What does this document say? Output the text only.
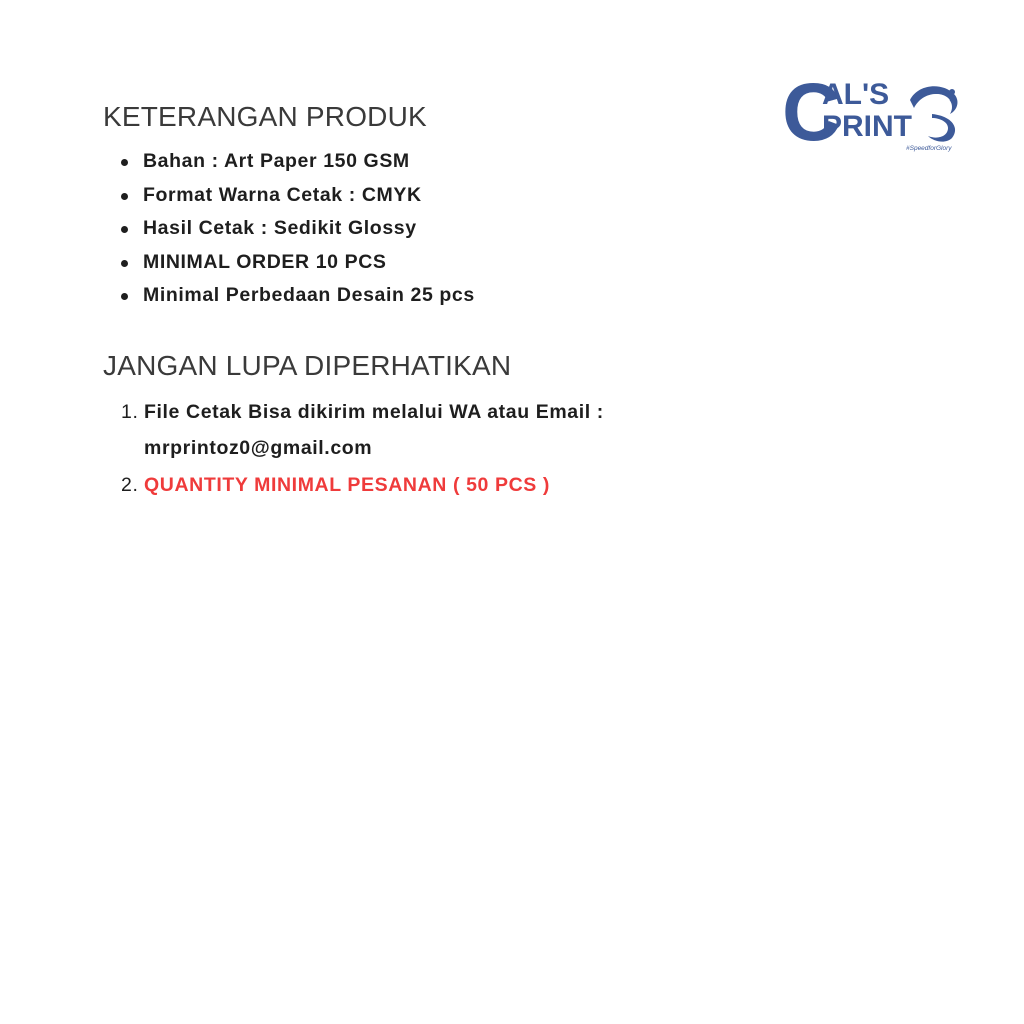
C
AL'S
PRINT
#SpeedforGlory
KETERANGAN PRODUK
Bahan : Art Paper 150 GSM
Format Warna Cetak : CMYK
Hasil Cetak : Sedikit Glossy
MINIMAL ORDER 10 PCS
Minimal Perbedaan Desain 25 pcs
JANGAN LUPA DIPERHATIKAN
1. File Cetak Bisa dikirim melalui WA atau Email :
mrprintoz0@gmail.com
2. QUANTITY MINIMAL PESANAN ( 50 PCS )
